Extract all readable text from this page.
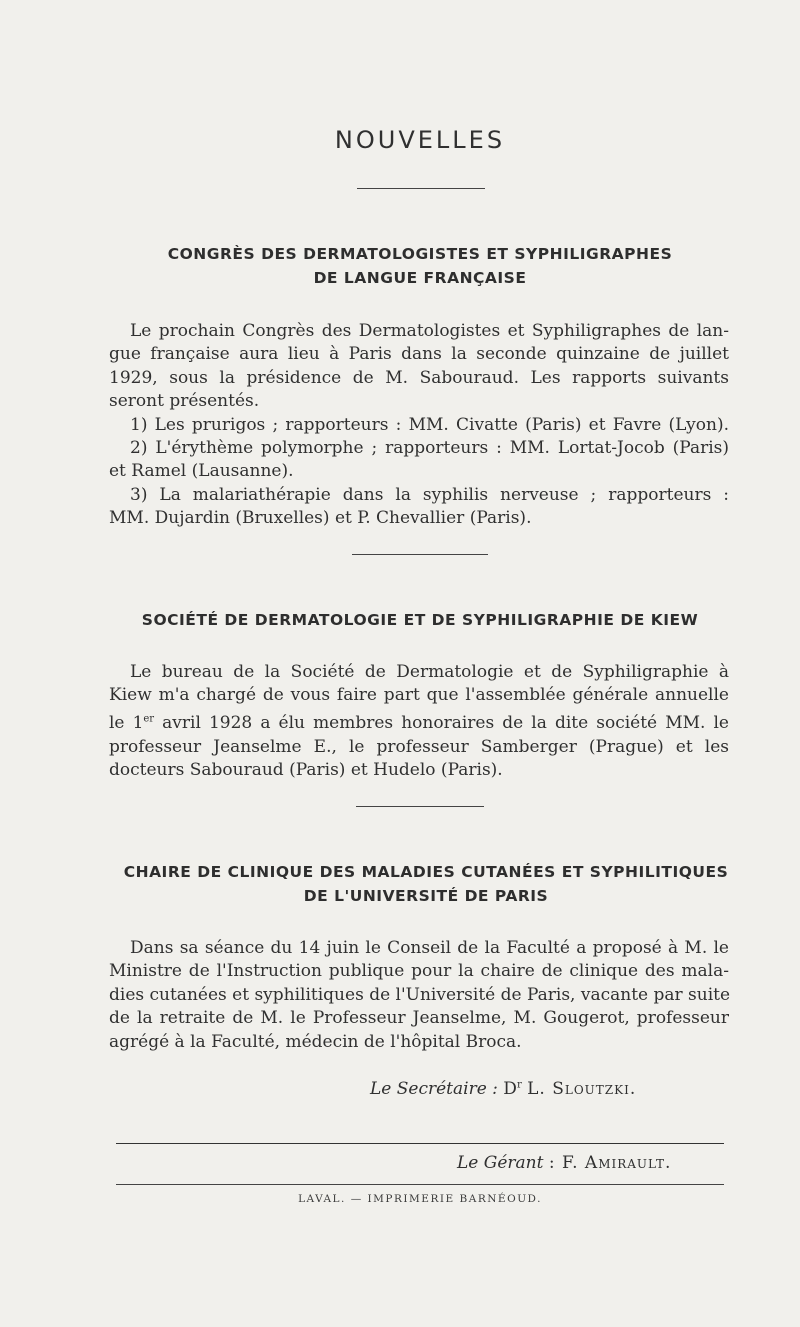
NOUVELLES
CONGRÈS DES DERMATOLOGISTES ET SYPHILIGRAPHES
DE LANGUE FRANÇAISE
Le prochain Congrès des Dermatologistes et Syphiligraphes de lan-
gue française aura lieu à Paris dans la seconde quinzaine de juillet
1929, sous la présidence de M. Sabouraud. Les rapports suivants
seront présentés.
1) Les prurigos ; rapporteurs : MM. Civatte (Paris) et Favre (Lyon).
2) L'érythème polymorphe ; rapporteurs : MM. Lortat-Jocob (Paris)
et Ramel (Lausanne).
3) La malariathérapie dans la syphilis nerveuse ; rapporteurs :
MM. Dujardin (Bruxelles) et P. Chevallier (Paris).
SOCIÉTÉ DE DERMATOLOGIE ET DE SYPHILIGRAPHIE DE KIEW
Le bureau de la Société de Dermatologie et de Syphiligraphie à
Kiew m'a chargé de vous faire part que l'assemblée générale annuelle
le 1er avril 1928 a élu membres honoraires de la dite société MM. le
professeur Jeanselme E., le professeur Samberger (Prague) et les
docteurs Sabouraud (Paris) et Hudelo (Paris).
CHAIRE DE CLINIQUE DES MALADIES CUTANÉES ET SYPHILITIQUES
DE L'UNIVERSITÉ DE PARIS
Dans sa séance du 14 juin le Conseil de la Faculté a proposé à M. le
Ministre de l'Instruction publique pour la chaire de clinique des mala-
dies cutanées et syphilitiques de l'Université de Paris, vacante par suite
de la retraite de M. le Professeur Jeanselme, M. Gougerot, professeur
agrégé à la Faculté, médecin de l'hôpital Broca.
Le Secrétaire : $D^r$ L. Sloutzki.
Le Gérant : F. Amirault.
LAVAL. — IMPRIMERIE BARNÉOUD.
